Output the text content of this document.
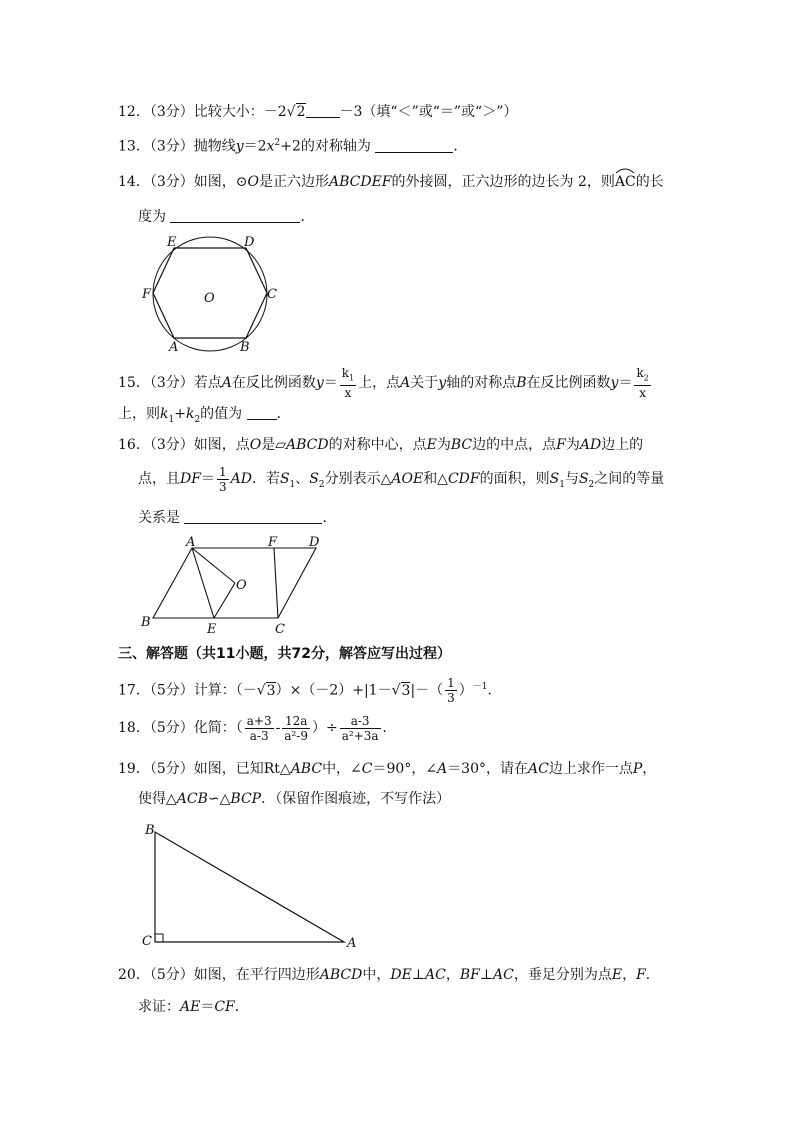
12．（3分）比较大小：－2√2 －3（填“＜”或“＝”或“＞”）
13．（3分）抛物线$y=2x^2+2$的对称轴为	．
14．（3分）如图，⊙O是正六边形ABCDEF的外接圆，正六边形的边长为 2，则
AC的长
度为	．
E	D
F	O	C
A	B
15．（3分）若点A在反比例函数$y= \frac{k_1}{x}$ 上，点A关于y轴的对称点B在反比例函数$y= \frac{k_2}{x}$
上，则$k_1+k_2$的值为 ．
16．（3分）如图，点O是▱ABCD的对称中心，点E为BC边的中点，点F为AD边上的
点，且$DF= \frac{1}{3}$ AD．若$S_1$、$S_2$分别表示△AOE和△CDF的面积，则$S_1$与$S_2$之间的等量
关系是	．
A	F D
O
B	E	C
三、解答题（共11小题，共72分，解答应写出过程）
17．（5分）计算：$(-√3)\times(-2)+|1-√3|-( \frac{1}{3} )^{-1}$．
18．（5分）化简：（ $\frac{a+3}{a-3} - \frac{12a}{\text{a²-9}}$ ）÷ $\frac{a-3}{\text{a²+3a}}$ ．
19．（5分）如图，已知Rt△ABC中，∠C＝90°，∠A＝30°，请在AC边上求作一点P，
使得△ACB∽△BCP．（保留作图痕迹，不写作法）
B
C	A
20．（5分）如图，在平行四边形ABCD中，DE⊥AC，BF⊥AC，垂足分别为点E，F．
求证：AE＝CF．
